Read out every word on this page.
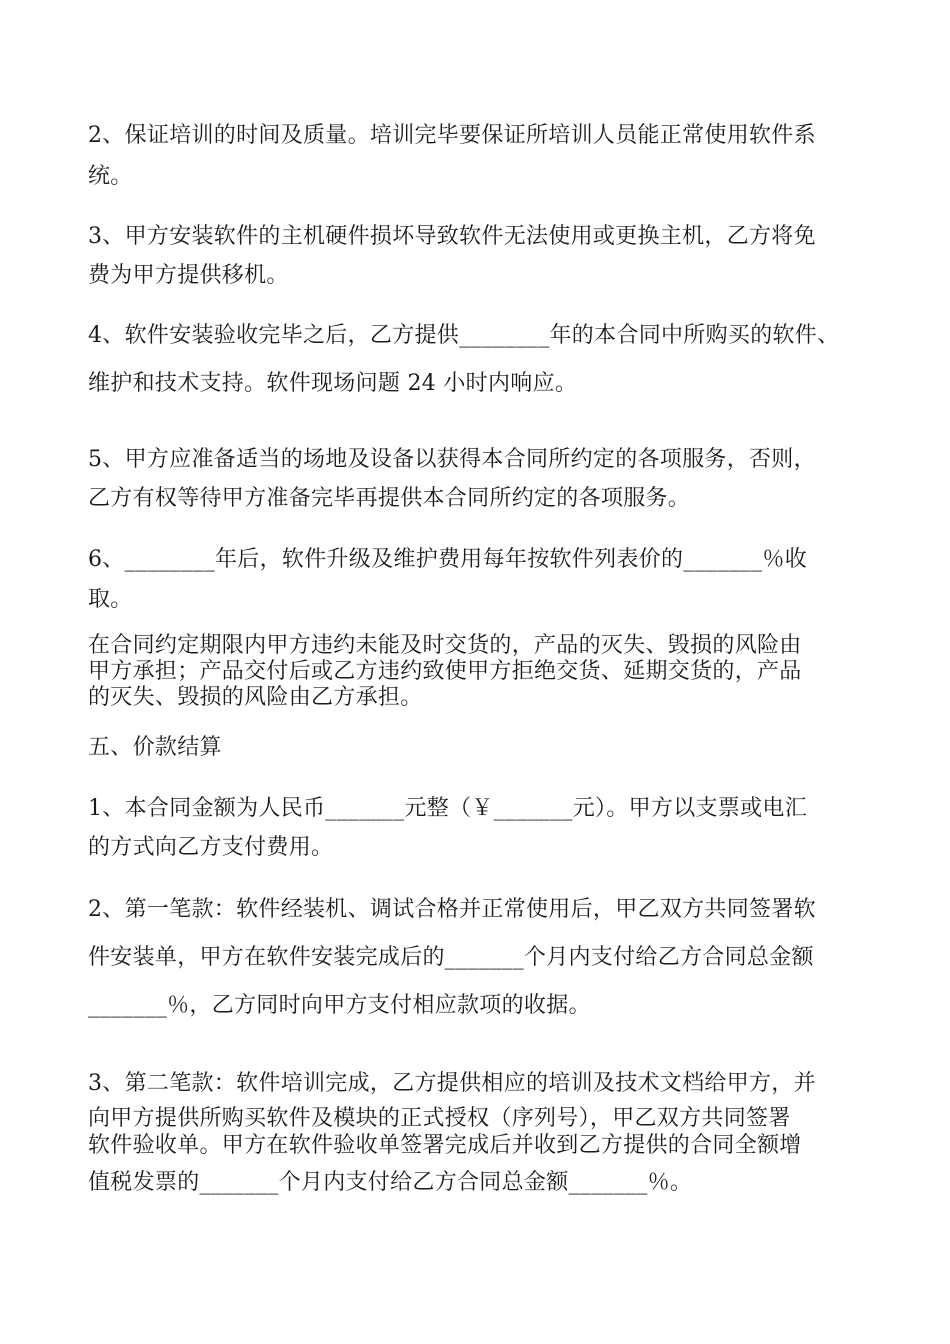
2、保证培训的时间及质量。培训完毕要保证所培训人员能正常使用软件系
统。
3、甲方安装软件的主机硬件损坏导致软件无法使用或更换主机，乙方将免
费为甲方提供移机。
4、软件安装验收完毕之后，乙方提供________年的本合同中所购买的软件、
维护和技术支持。软件现场问题 24 小时内响应。
5、甲方应准备适当的场地及设备以获得本合同所约定的各项服务，否则，
乙方有权等待甲方准备完毕再提供本合同所约定的各项服务。
6、________年后，软件升级及维护费用每年按软件列表价的_______％收
取。
在合同约定期限内甲方违约未能及时交货的，产品的灭失、毁损的风险由
甲方承担；产品交付后或乙方违约致使甲方拒绝交货、延期交货的，产品
的灭失、毁损的风险由乙方承担。
五、价款结算
1、本合同金额为人民币_______元整（￥_______元）。甲方以支票或电汇
的方式向乙方支付费用。
2、第一笔款：软件经装机、调试合格并正常使用后，甲乙双方共同签署软
件安装单，甲方在软件安装完成后的_______个月内支付给乙方合同总金额
_______％，乙方同时向甲方支付相应款项的收据。
3、第二笔款：软件培训完成，乙方提供相应的培训及技术文档给甲方，并
向甲方提供所购买软件及模块的正式授权（序列号），甲乙双方共同签署
软件验收单。甲方在软件验收单签署完成后并收到乙方提供的合同全额增
值税发票的_______个月内支付给乙方合同总金额_______％。
